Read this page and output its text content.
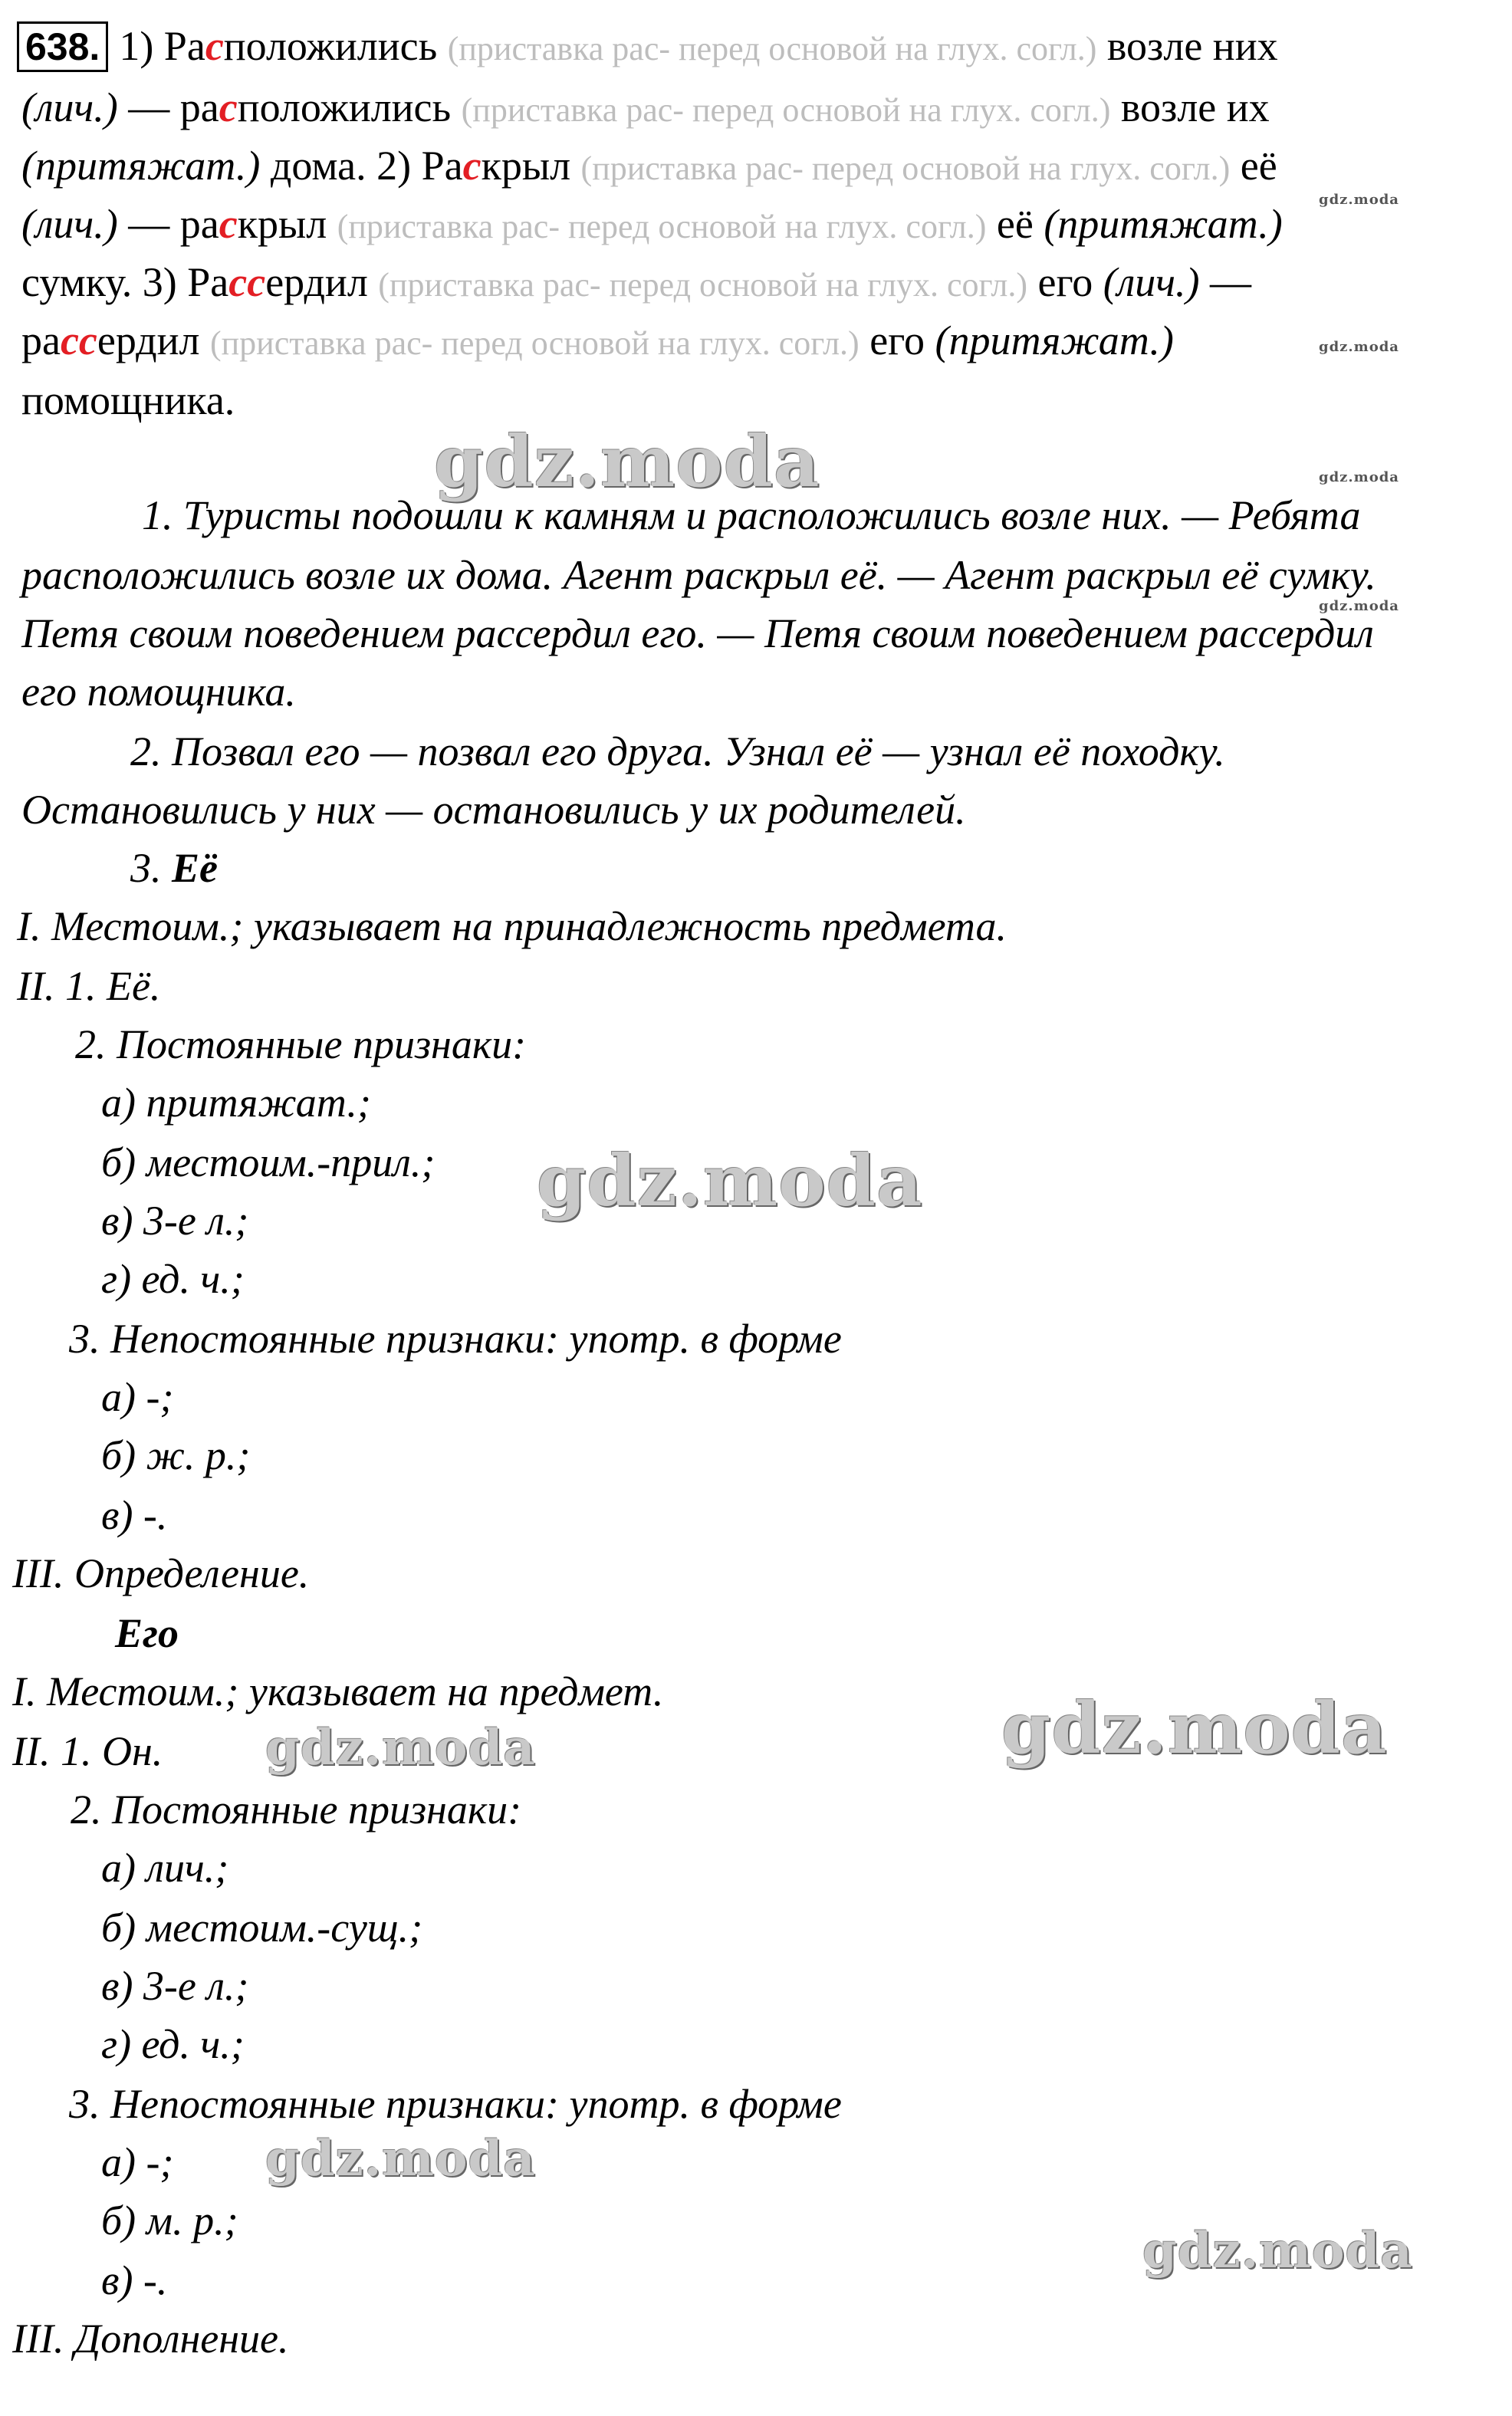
638. 1) Расположились (приставка рас- перед основой на глух. согл.) возле них
(лич.) — расположились (приставка рас- перед основой на глух. согл.) возле их
(притяжат.) дома. 2) Раскрыл (приставка рас- перед основой на глух. согл.) её
(лич.) — раскрыл (приставка рас- перед основой на глух. согл.) её (притяжат.)
сумку. 3) Рассердил (приставка рас- перед основой на глух. согл.) его (лич.) —
рассердил (приставка рас- перед основой на глух. согл.) его (притяжат.)
помощника.
1. Туристы подошли к камням и расположились возле них. — Ребята
расположились возле их дома. Агент раскрыл её. — Агент раскрыл её сумку.
Петя своим поведением рассердил его. — Петя своим поведением рассердил
его помощника.
2. Позвал его — позвал его друга. Узнал её — узнал её походку.
Остановились у них — остановились у их родителей.
3. Её
I. Местоим.; указывает на принадлежность предмета.
II. 1. Её.
2. Постоянные признаки:
а) притяжат.;
б) местоим.-прил.;
в) 3-е л.;
г) ед. ч.;
3. Непостоянные признаки: употр. в форме
а) -;
б) ж. р.;
в) -.
III. Определение.
Его
I. Местоим.; указывает на предмет.
II. 1. Он.
2. Постоянные признаки:
а) лич.;
б) местоим.-сущ.;
в) 3-е л.;
г) ед. ч.;
3. Непостоянные признаки: употр. в форме
а) -;
б) м. р.;
в) -.
III. Дополнение.
gdz.moda
gdz.moda
gdz.moda
gdz.moda
gdz.moda
gdz.moda
gdz.moda
gdz.moda
gdz.moda
gdz.moda
